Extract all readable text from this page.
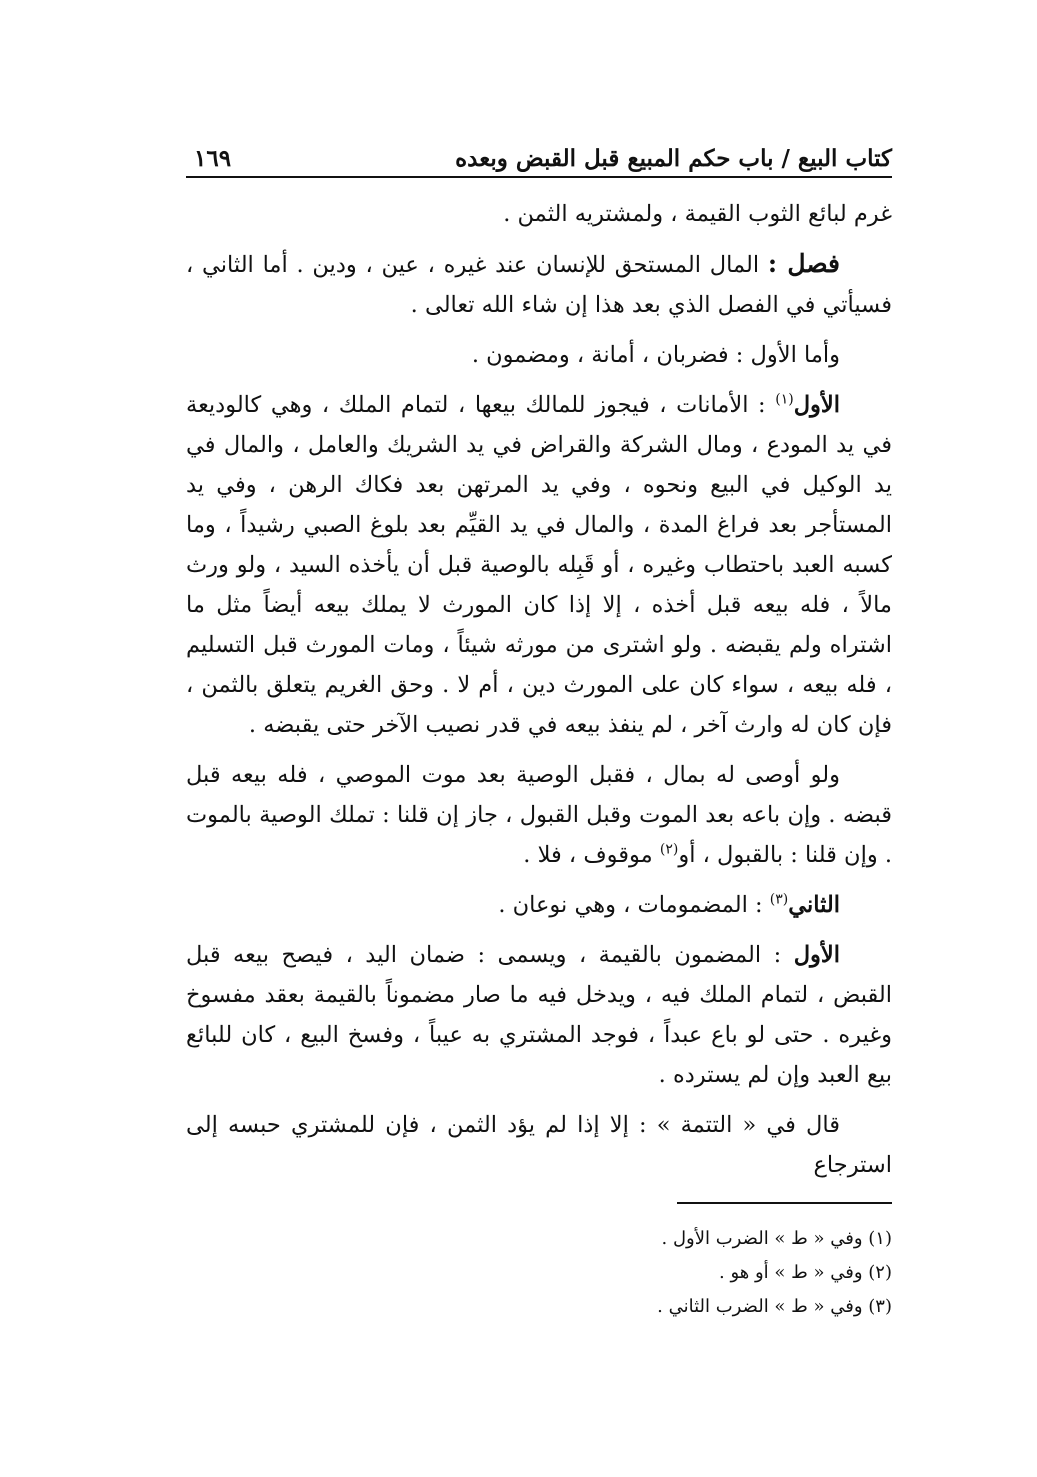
كتاب البيع / باب حكم المبيع قبل القبض وبعده
١٦٩

غرم لبائع الثوب القيمة ، ولمشتريه الثمن .

فصل : المال المستحق للإنسان عند غيره ، عين ، ودين . أما الثاني ، فسيأتي في الفصل الذي بعد هذا إن شاء الله تعالى .

وأما الأول : فضربان ، أمانة ، ومضمون .

الأول$^{(١)}$ : الأمانات ، فيجوز للمالك بيعها ، لتمام الملك ، وهي كالوديعة في يد المودع ، ومال الشركة والقراض في يد الشريك والعامل ، والمال في يد الوكيل في البيع ونحوه ، وفي يد المرتهن بعد فكاك الرهن ، وفي يد المستأجر بعد فراغ المدة ، والمال في يد القيِّم بعد بلوغ الصبي رشيداً ، وما كسبه العبد باحتطاب وغيره ، أو قَبِله بالوصية قبل أن يأخذه السيد ، ولو ورث مالاً ، فله بيعه قبل أخذه ، إلا إذا كان المورث لا يملك بيعه أيضاً مثل ما اشتراه ولم يقبضه . ولو اشترى من مورثه شيئاً ، ومات المورث قبل التسليم ، فله بيعه ، سواء كان على المورث دين ، أم لا . وحق الغريم يتعلق بالثمن ، فإن كان له وارث آخر ، لم ينفذ بيعه في قدر نصيب الآخر حتى يقبضه .

ولو أوصى له بمال ، فقبل الوصية بعد موت الموصي ، فله بيعه قبل قبضه . وإن باعه بعد الموت وقبل القبول ، جاز إن قلنا : تملك الوصية بالموت . وإن قلنا : بالقبول ، أو$^{(٢)}$ موقوف ، فلا .

الثاني$^{(٣)}$ : المضمومات ، وهي نوعان .

الأول : المضمون بالقيمة ، ويسمى : ضمان اليد ، فيصح بيعه قبل القبض ، لتمام الملك فيه ، ويدخل فيه ما صار مضموناً بالقيمة بعقد مفسوخ وغيره . حتى لو باع عبداً ، فوجد المشتري به عيباً ، وفسخ البيع ، كان للبائع بيع العبد وإن لم يسترده .

قال في « التتمة » : إلا إذا لم يؤد الثمن ، فإن للمشتري حبسه إلى استرجاع

(١) وفي « ط » الضرب الأول .
(٢) وفي « ط » أو هو .
(٣) وفي « ط » الضرب الثاني .
